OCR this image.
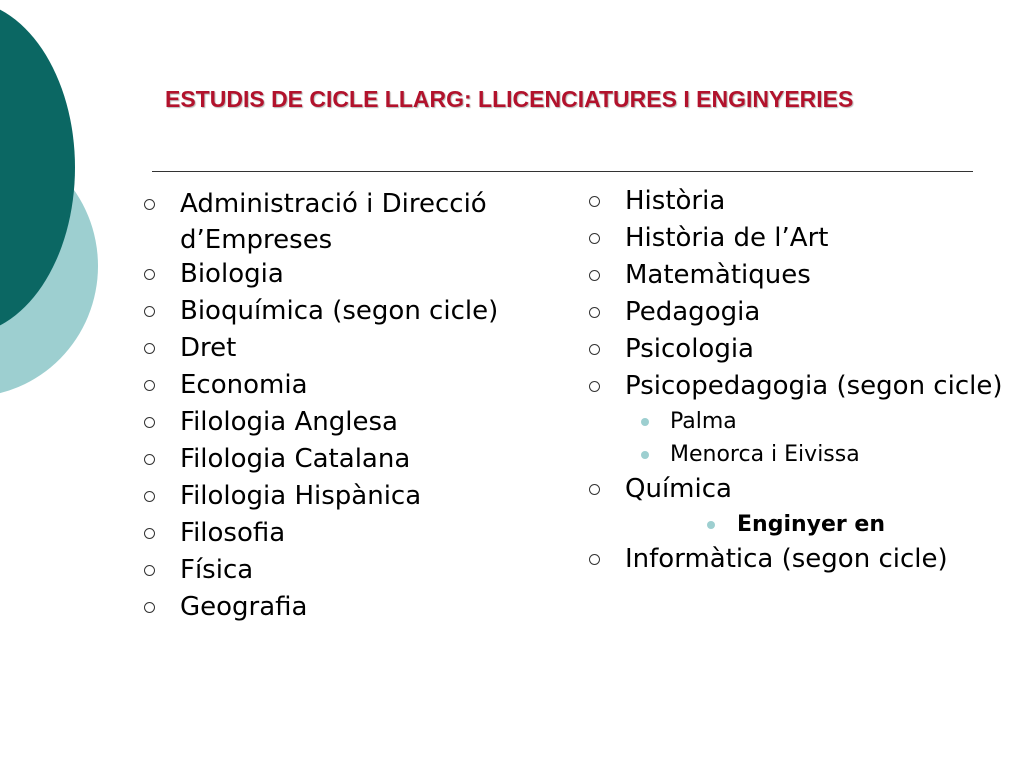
ESTUDIS DE CICLE LLARG: LLICENCIATURES I ENGINYERIES
Administració i Direcció d’Empreses
Biologia
Bioquímica (segon cicle)
Dret
Economia
Filologia Anglesa
Filologia Catalana
Filologia Hispànica
Filosofia
Física
Geografia
Història
Història de l’Art
Matemàtiques
Pedagogia
Psicologia
Psicopedagogia (segon cicle)
Palma
Menorca i Eivissa
Química
Enginyer en
Informàtica (segon cicle)
